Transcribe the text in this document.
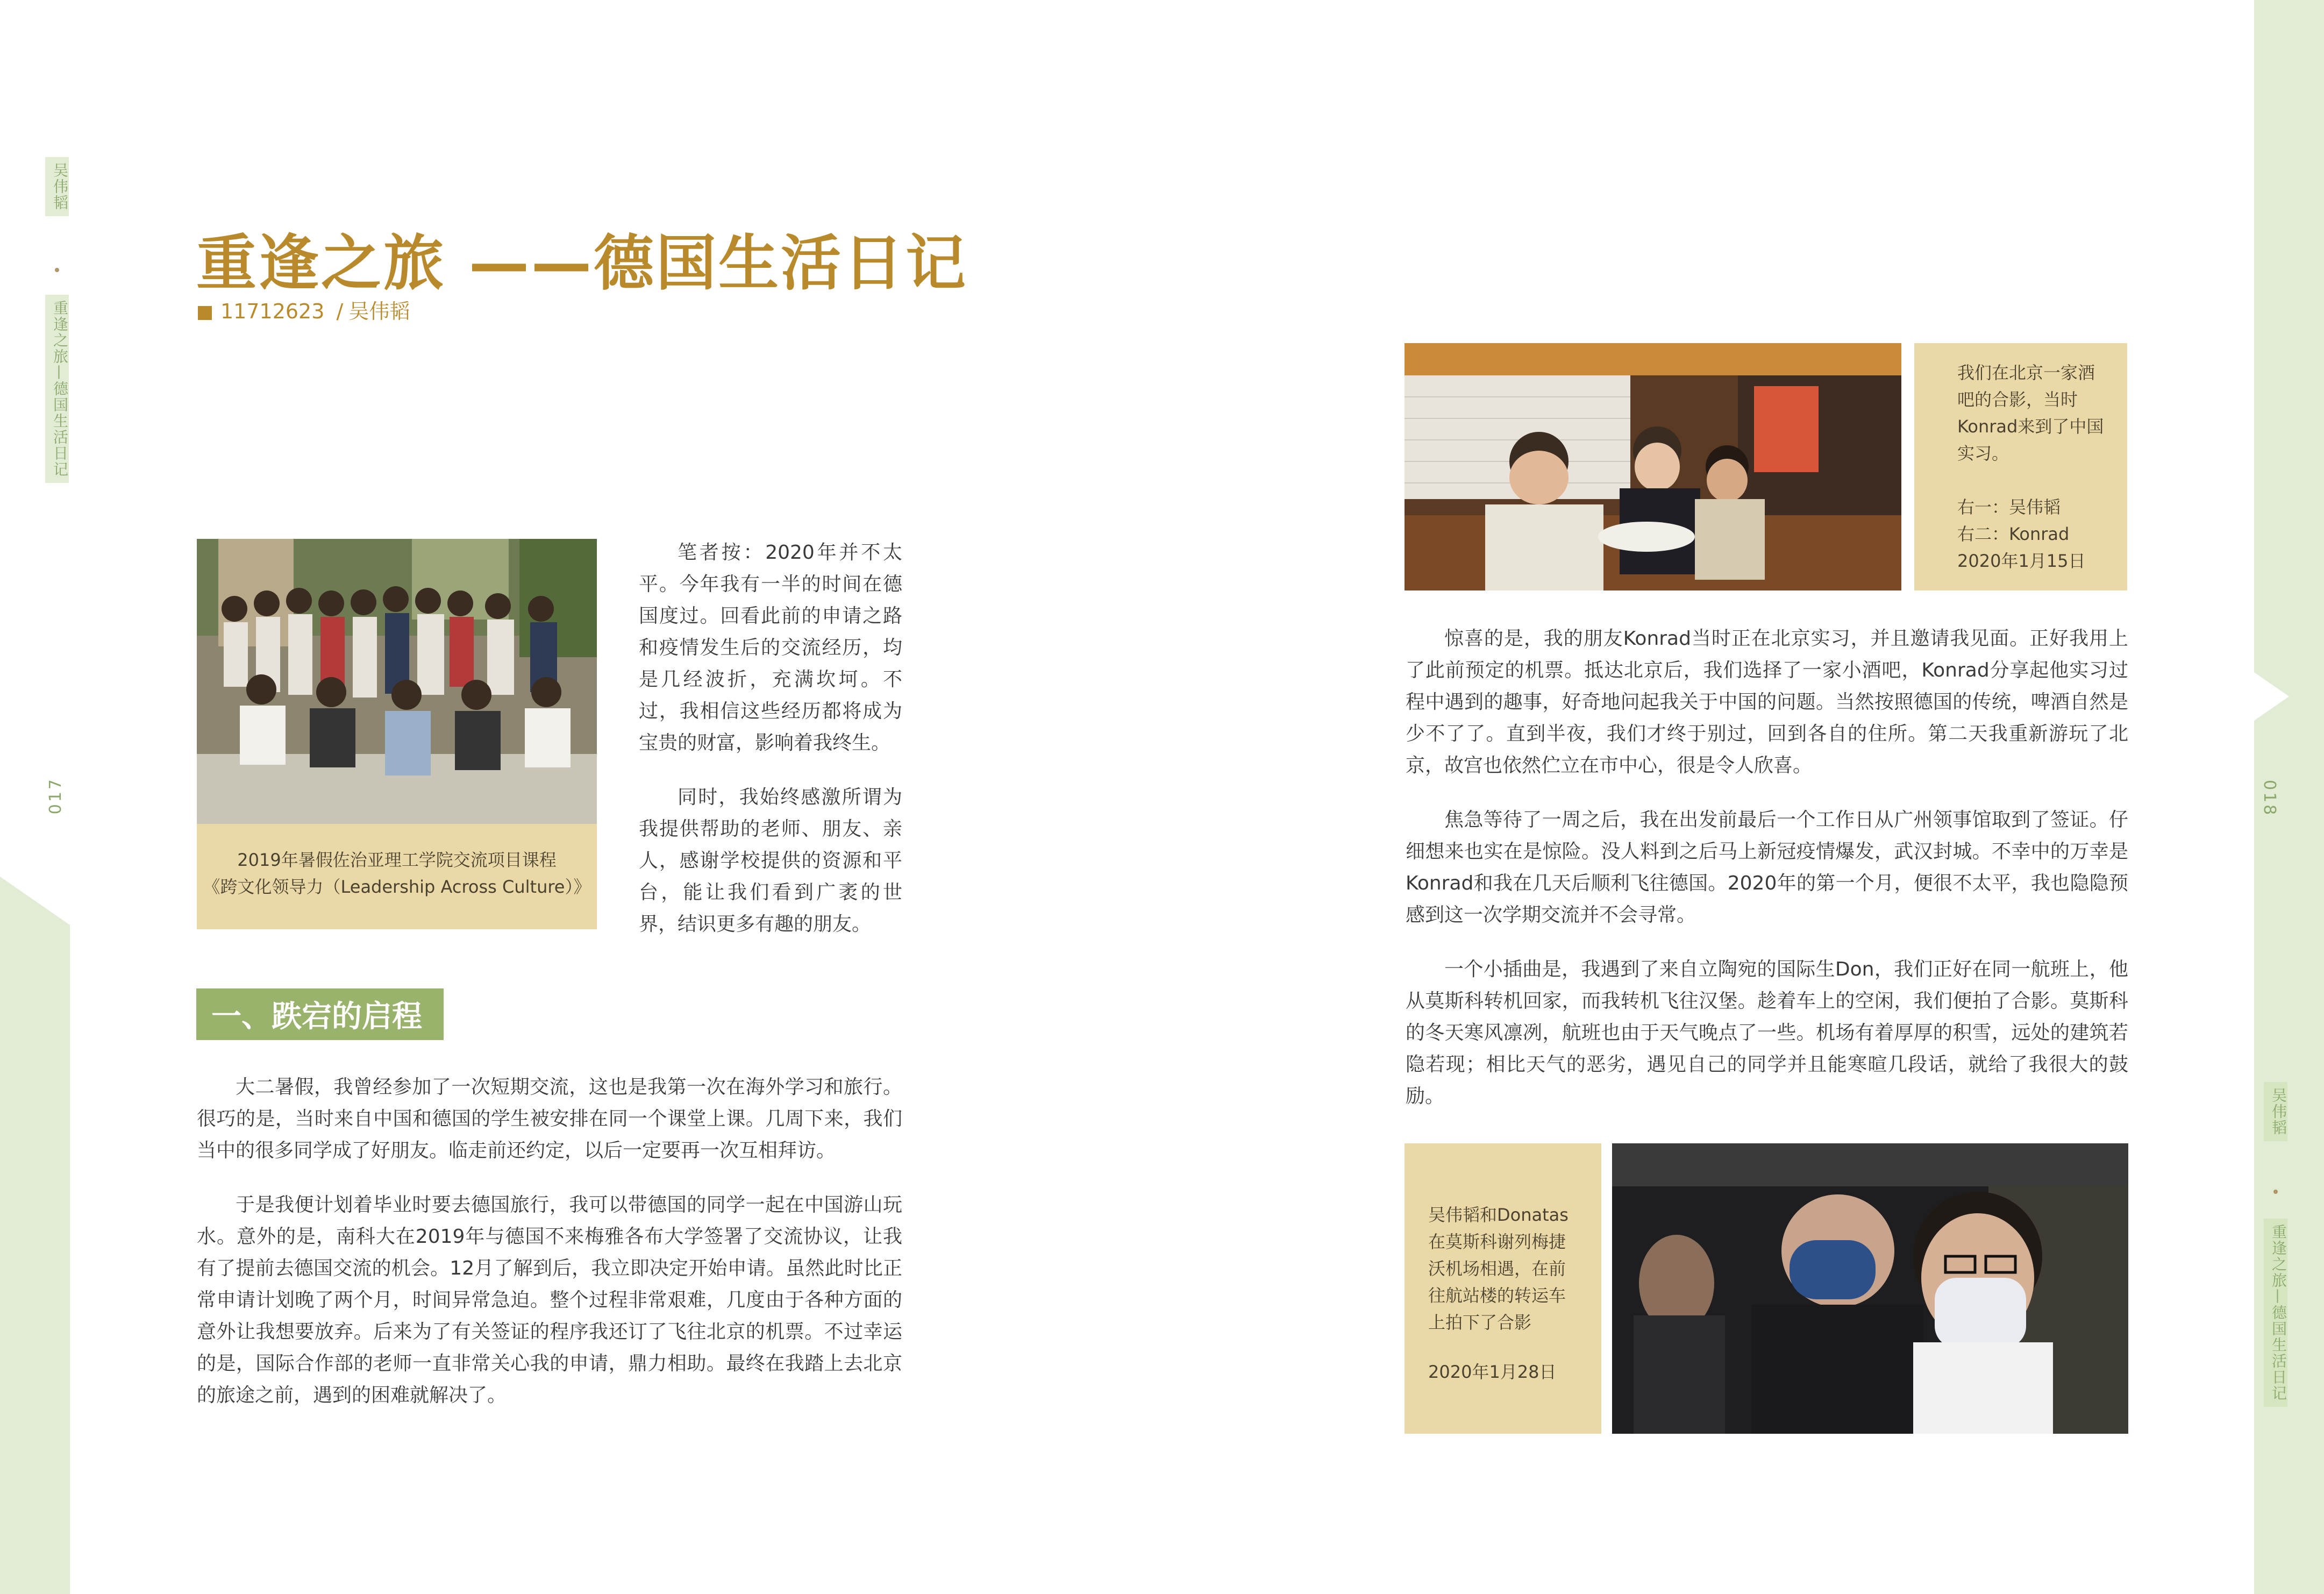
吴伟韬
重逢之旅—德国生活日记
017	018
吴伟韬
重逢之旅—德国生活日记
重逢之旅 ——德国生活日记
11712623 / 吴伟韬
2019年暑假佐治亚理工学院交流项目课程
《跨文化领导力（Leadership Across Culture）》

笔者按：2020年并不太平。今年我有一半的时间在德国度过。回看此前的申请之路和疫情发生后的交流经历，均是几经波折，充满坎坷。不过，我相信这些经历都将成为宝贵的财富，影响着我终生。

同时，我始终感激所谓为我提供帮助的老师、朋友、亲人，感谢学校提供的资源和平台，能让我们看到广袤的世界，结识更多有趣的朋友。

一、跌宕的启程

大二暑假，我曾经参加了一次短期交流，这也是我第一次在海外学习和旅行。很巧的是，当时来自中国和德国的学生被安排在同一个课堂上课。几周下来，我们当中的很多同学成了好朋友。临走前还约定，以后一定要再一次互相拜访。

于是我便计划着毕业时要去德国旅行，我可以带德国的同学一起在中国游山玩水。意外的是，南科大在2019年与德国不来梅雅各布大学签署了交流协议，让我有了提前去德国交流的机会。12月了解到后，我立即决定开始申请。虽然此时比正常申请计划晚了两个月，时间异常急迫。整个过程非常艰难，几度由于各种方面的意外让我想要放弃。后来为了有关签证的程序我还订了飞往北京的机票。不过幸运的是，国际合作部的老师一直非常关心我的申请，鼎力相助。最终在我踏上去北京的旅途之前，遇到的困难就解决了。

我们在北京一家酒吧的合影，当时Konrad来到了中国实习。
右一：吴伟韬
右二：Konrad
2020年1月15日

惊喜的是，我的朋友Konrad当时正在北京实习，并且邀请我见面。正好我用上了此前预定的机票。抵达北京后，我们选择了一家小酒吧，Konrad分享起他实习过程中遇到的趣事，好奇地问起我关于中国的问题。当然按照德国的传统，啤酒自然是少不了了。直到半夜，我们才终于别过，回到各自的住所。第二天我重新游玩了北京，故宫也依然伫立在市中心，很是令人欣喜。

焦急等待了一周之后，我在出发前最后一个工作日从广州领事馆取到了签证。仔细想来也实在是惊险。没人料到之后马上新冠疫情爆发，武汉封城。不幸中的万幸是Konrad和我在几天后顺利飞往德国。2020年的第一个月，便很不太平，我也隐隐预感到这一次学期交流并不会寻常。

一个小插曲是，我遇到了来自立陶宛的国际生Don，我们正好在同一航班上，他从莫斯科转机回家，而我转机飞往汉堡。趁着车上的空闲，我们便拍了合影。莫斯科的冬天寒风凛冽，航班也由于天气晚点了一些。机场有着厚厚的积雪，远处的建筑若隐若现；相比天气的恶劣，遇见自己的同学并且能寒暄几段话，就给了我很大的鼓励。

吴伟韬和Donatas在莫斯科谢列梅捷沃机场相遇，在前往航站楼的转运车上拍下了合影
2020年1月28日
